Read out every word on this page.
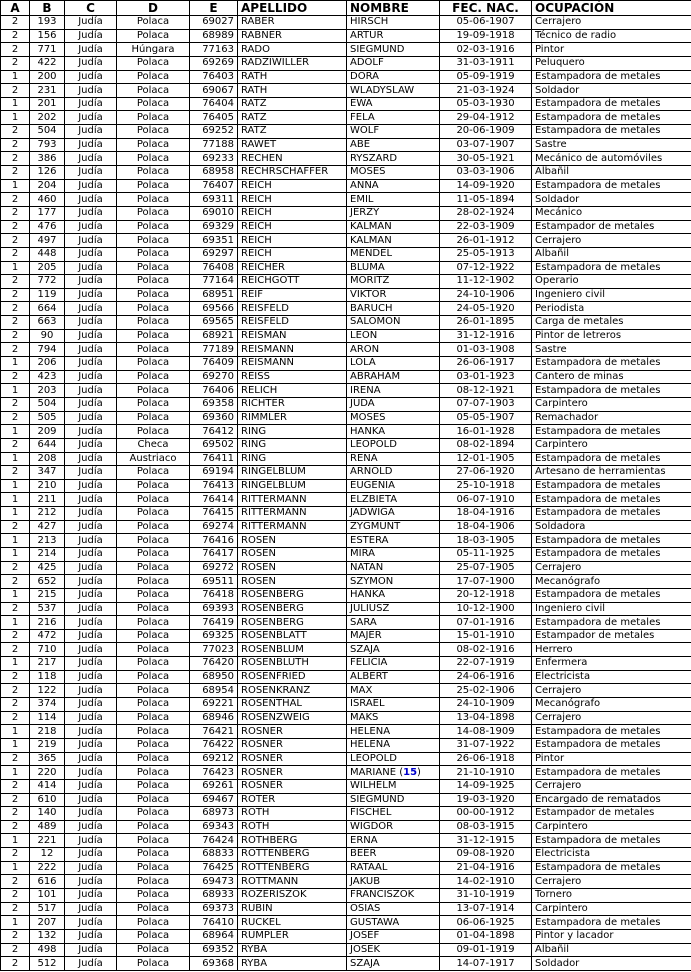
A	B	C	D	E	APELLIDO	NOMBRE	FEC. NAC.	OCUPACIÓN
2	193	Judía	Polaca	69027	RABER	HIRSCH	05-06-1907	Cerrajero
2	156	Judía	Polaca	68989	RABNER	ARTUR	19-09-1918	Técnico de radio
2	771	Judía	Húngara	77163	RADO	SIEGMUND	02-03-1916	Pintor
2	422	Judía	Polaca	69269	RADZIWILLER	ADOLF	31-03-1911	Peluquero
1	200	Judía	Polaca	76403	RATH	DORA	05-09-1919	Estampadora de metales
2	231	Judía	Polaca	69067	RATH	WLADYSLAW	21-03-1924	Soldador
1	201	Judía	Polaca	76404	RATZ	EWA	05-03-1930	Estampadora de metales
1	202	Judía	Polaca	76405	RATZ	FELA	29-04-1912	Estampadora de metales
2	504	Judía	Polaca	69252	RATZ	WOLF	20-06-1909	Estampadora de metales
2	793	Judía	Polaca	77188	RAWET	ABE	03-07-1907	Sastre
2	386	Judía	Polaca	69233	RECHEN	RYSZARD	30-05-1921	Mecánico de automóviles
2	126	Judía	Polaca	68958	RECHRSCHAFFER	MOSES	03-03-1906	Albañil
1	204	Judía	Polaca	76407	REICH	ANNA	14-09-1920	Estampadora de metales
2	460	Judía	Polaca	69311	REICH	EMIL	11-05-1894	Soldador
2	177	Judía	Polaca	69010	REICH	JERZY	28-02-1924	Mecánico
2	476	Judía	Polaca	69329	REICH	KALMAN	22-03-1909	Estampador de metales
2	497	Judía	Polaca	69351	REICH	KALMAN	26-01-1912	Cerrajero
2	448	Judía	Polaca	69297	REICH	MENDEL	25-05-1913	Albañil
1	205	Judía	Polaca	76408	REICHER	BLUMA	07-12-1922	Estampadora de metales
2	772	Judía	Polaca	77164	REICHGOTT	MORITZ	11-12-1902	Operario
2	119	Judía	Polaca	68951	REIF	VIKTOR	24-10-1906	Ingeniero civil
2	664	Judía	Polaca	69566	REISFELD	BARUCH	24-05-1920	Periodista
2	663	Judía	Polaca	69565	REISFELD	SALOMON	26-01-1895	Carga de metales
2	90	Judía	Polaca	68921	REISMAN	LEON	31-12-1916	Pintor de letreros
2	794	Judía	Polaca	77189	REISMANN	ARON	01-03-1908	Sastre
1	206	Judía	Polaca	76409	REISMANN	LOLA	26-06-1917	Estampadora de metales
2	423	Judía	Polaca	69270	REISS	ABRAHAM	03-01-1923	Cantero de minas
1	203	Judía	Polaca	76406	RELICH	IRENA	08-12-1921	Estampadora de metales
2	504	Judía	Polaca	69358	RICHTER	JUDA	07-07-1903	Carpintero
2	505	Judía	Polaca	69360	RIMMLER	MOSES	05-05-1907	Remachador
1	209	Judía	Polaca	76412	RING	HANKA	16-01-1928	Estampadora de metales
2	644	Judía	Checa	69502	RING	LEOPOLD	08-02-1894	Carpintero
1	208	Judía	Austriaco	76411	RING	RENA	12-01-1905	Estampadora de metales
2	347	Judía	Polaca	69194	RINGELBLUM	ARNOLD	27-06-1920	Artesano de herramientas
1	210	Judía	Polaca	76413	RINGELBLUM	EUGENIA	25-10-1918	Estampadora de metales
1	211	Judía	Polaca	76414	RITTERMANN	ELZBIETA	06-07-1910	Estampadora de metales
1	212	Judía	Polaca	76415	RITTERMANN	JADWIGA	18-04-1916	Estampadora de metales
2	427	Judía	Polaca	69274	RITTERMANN	ZYGMUNT	18-04-1906	Soldadora
1	213	Judía	Polaca	76416	ROSEN	ESTERA	18-03-1905	Estampadora de metales
1	214	Judía	Polaca	76417	ROSEN	MIRA	05-11-1925	Estampadora de metales
2	425	Judía	Polaca	69272	ROSEN	NATAN	25-07-1905	Cerrajero
2	652	Judía	Polaca	69511	ROSEN	SZYMON	17-07-1900	Mecanógrafo
1	215	Judía	Polaca	76418	ROSENBERG	HANKA	20-12-1918	Estampadora de metales
2	537	Judía	Polaca	69393	ROSENBERG	JULIUSZ	10-12-1900	Ingeniero civil
1	216	Judía	Polaca	76419	ROSENBERG	SARA	07-01-1916	Estampadora de metales
2	472	Judía	Polaca	69325	ROSENBLATT	MAJER	15-01-1910	Estampador de metales
2	710	Judía	Polaca	77023	ROSENBLUM	SZAJA	08-02-1916	Herrero
1	217	Judía	Polaca	76420	ROSENBLUTH	FELICIA	22-07-1919	Enfermera
2	118	Judía	Polaca	68950	ROSENFRIED	ALBERT	24-06-1916	Electricista
2	122	Judía	Polaca	68954	ROSENKRANZ	MAX	25-02-1906	Cerrajero
2	374	Judía	Polaca	69221	ROSENTHAL	ISRAEL	24-10-1909	Mecanógrafo
2	114	Judía	Polaca	68946	ROSENZWEIG	MAKS	13-04-1898	Cerrajero
1	218	Judía	Polaca	76421	ROSNER	HELENA	14-08-1909	Estampadora de metales
1	219	Judía	Polaca	76422	ROSNER	HELENA	31-07-1922	Estampadora de metales
2	365	Judía	Polaca	69212	ROSNER	LEOPOLD	26-06-1918	Pintor
1	220	Judía	Polaca	76423	ROSNER	MARIANE (15)	21-10-1910	Estampadora de metales
2	414	Judía	Polaca	69261	ROSNER	WILHELM	14-09-1925	Cerrajero
2	610	Judía	Polaca	69467	ROTER	SIEGMUND	19-03-1920	Encargado de rematados
2	140	Judía	Polaca	68973	ROTH	FISCHEL	00-00-1912	Estampador de metales
2	489	Judía	Polaca	69343	ROTH	WIGDOR	08-03-1915	Carpintero
1	221	Judía	Polaca	76424	ROTHBERG	ERNA	31-12-1915	Estampadora de metales
2	12	Judía	Polaca	68833	ROTTENBERG	BEER	09-08-1920	Electricista
1	222	Judía	Polaca	76425	ROTTENBERG	RATAAL	21-04-1916	Estampadora de metales
2	616	Judía	Polaca	69473	ROTTMANN	JAKUB	14-02-1910	Cerrajero
2	101	Judía	Polaca	68933	ROZERISZOK	FRANCISZOK	31-10-1919	Tornero
2	517	Judía	Polaca	69373	RUBIN	OSIAS	13-07-1914	Carpintero
1	207	Judía	Polaca	76410	RUCKEL	GUSTAWA	06-06-1925	Estampadora de metales
2	132	Judía	Polaca	68964	RUMPLER	JOSEF	01-04-1898	Pintor y lacador
2	498	Judía	Polaca	69352	RYBA	JOSEK	09-01-1919	Albañil
2	512	Judía	Polaca	69368	RYBA	SZAJA	14-07-1917	Soldador
